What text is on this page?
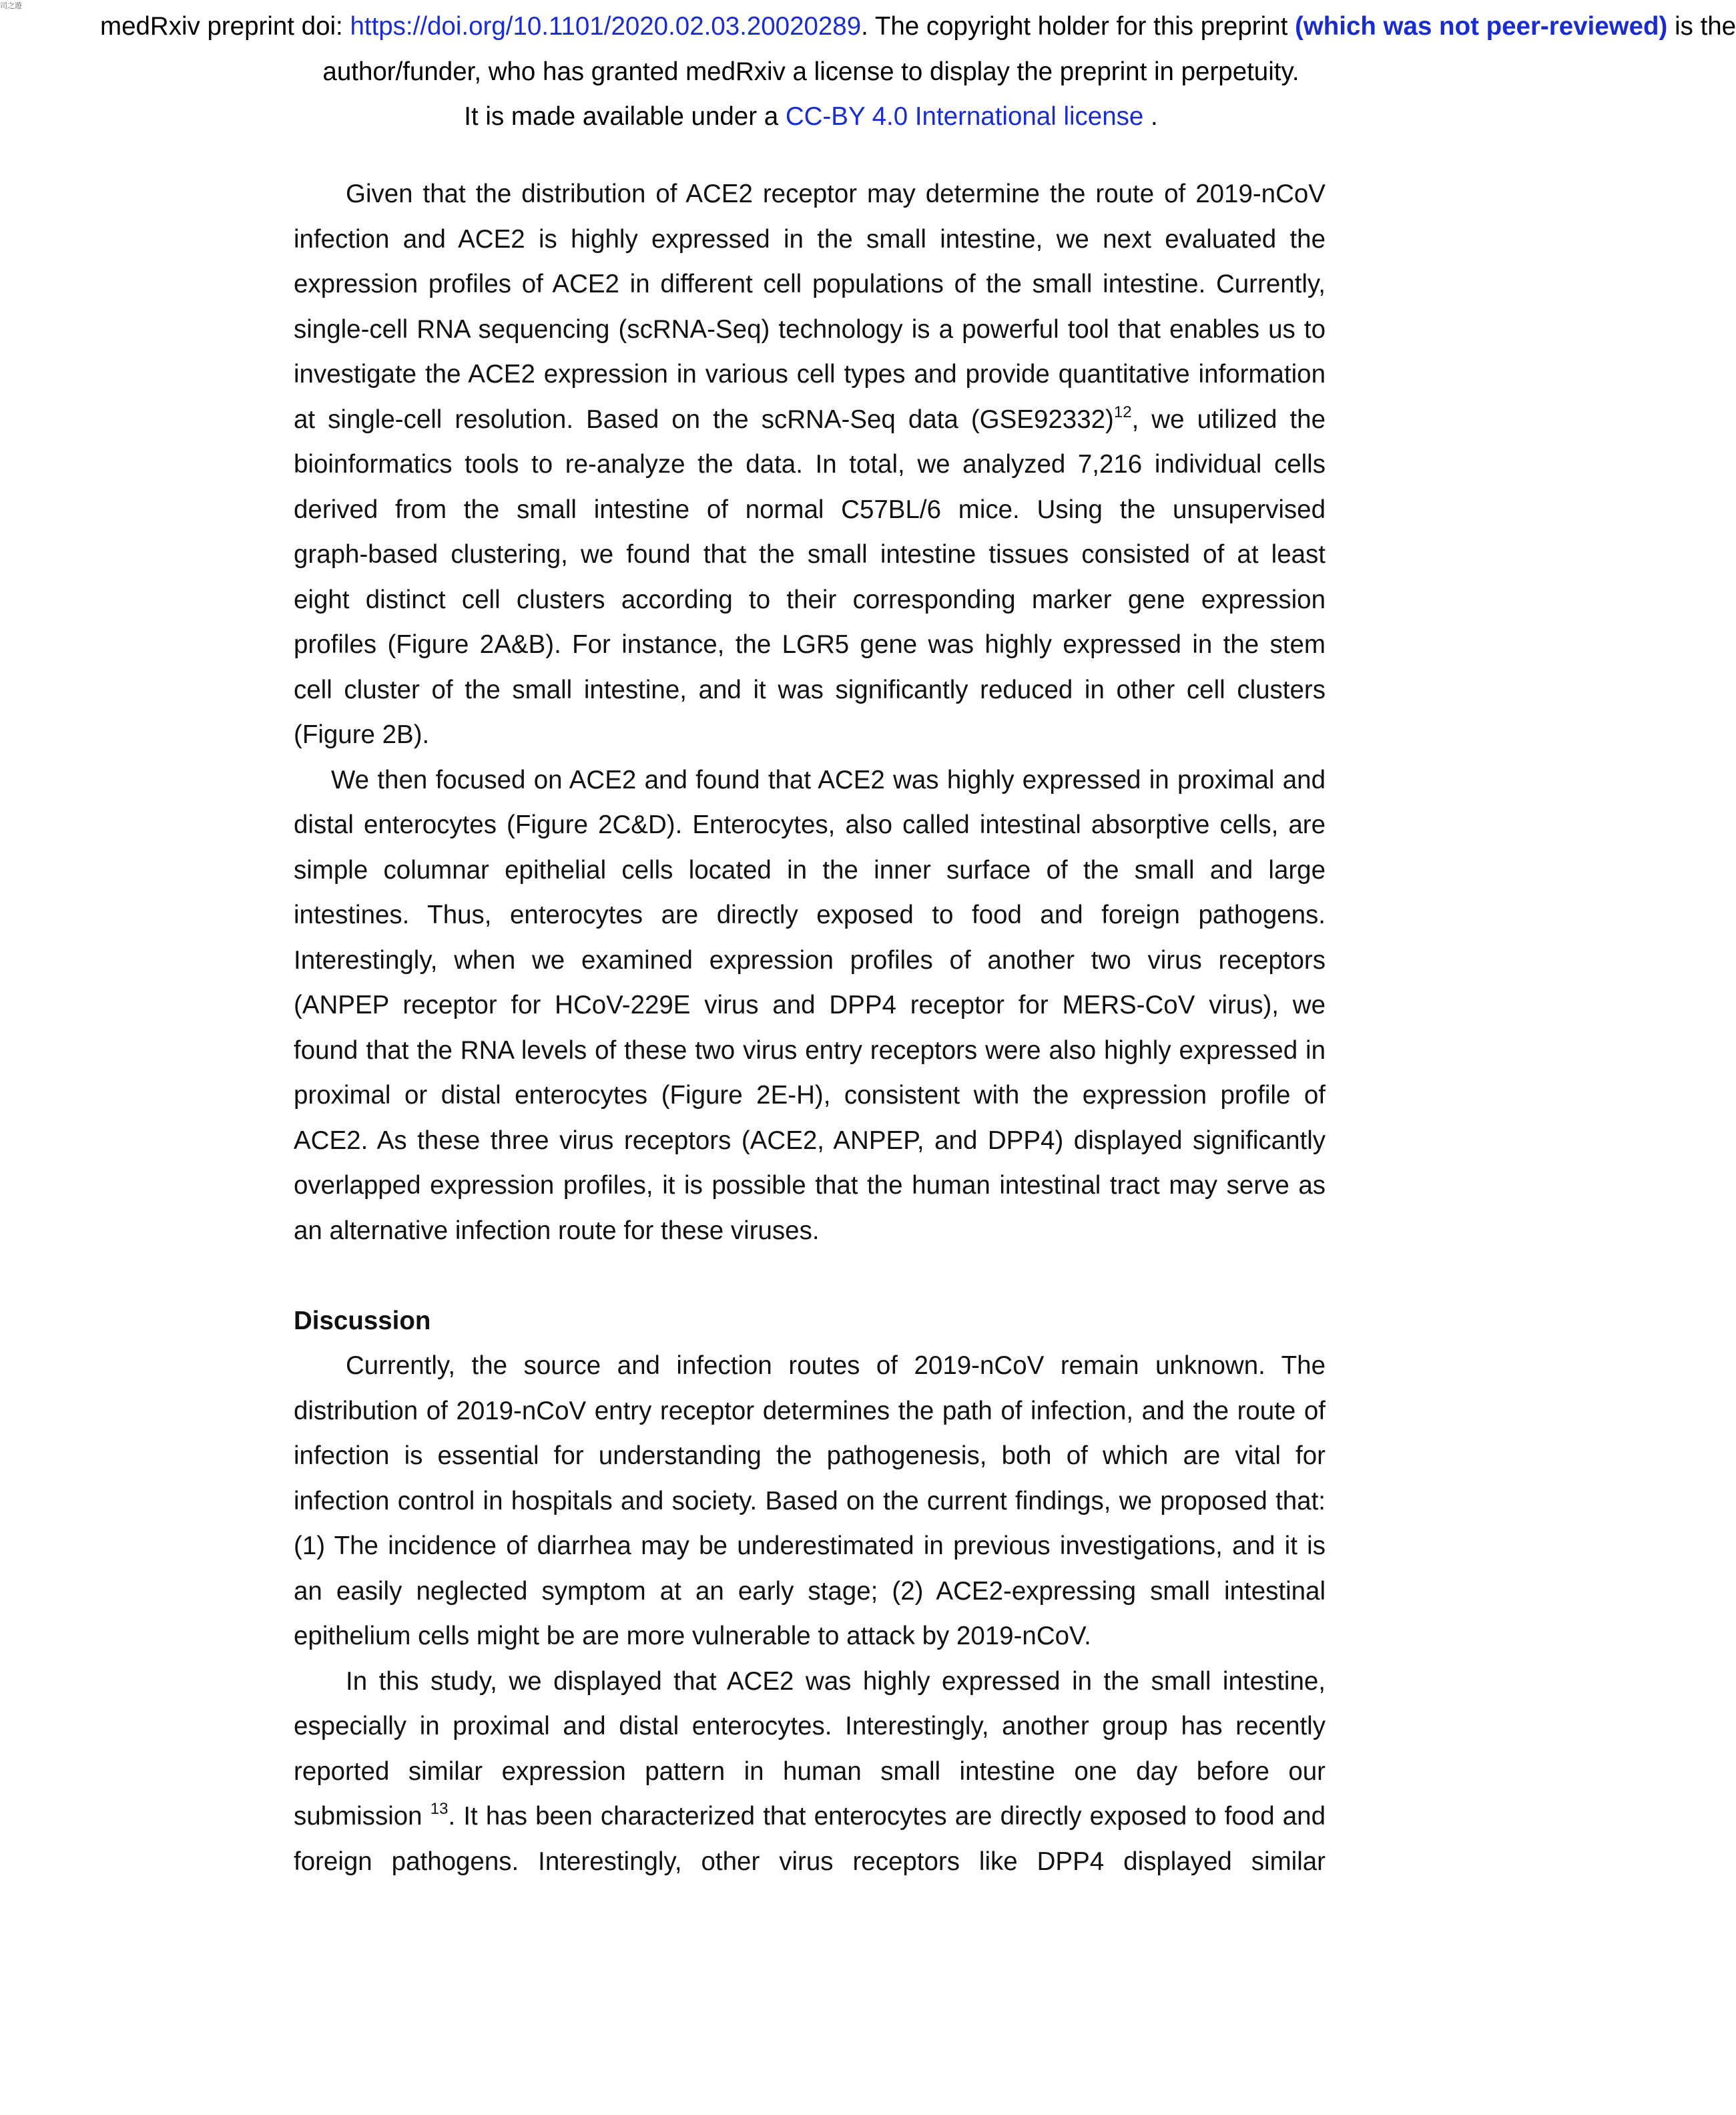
司之遊
medRxiv preprint doi: https://doi.org/10.1101/2020.02.03.20020289. The copyright holder for this preprint (which was not peer-reviewed) is the
author/funder, who has granted medRxiv a license to display the preprint in perpetuity.
It is made available under a CC-BY 4.0 International license .
Given that the distribution of ACE2 receptor may determine the route of 2019-nCoV
infection and ACE2 is highly expressed in the small intestine, we next evaluated the
expression profiles of ACE2 in different cell populations of the small intestine. Currently,
single-cell RNA sequencing (scRNA-Seq) technology is a powerful tool that enables us to
investigate the ACE2 expression in various cell types and provide quantitative information
at single-cell resolution. Based on the scRNA-Seq data $(GSE92332)^{12}$, we utilized the
bioinformatics tools to re-analyze the data. In total, we analyzed 7,216 individual cells
derived from the small intestine of normal C57BL/6 mice. Using the unsupervised
graph-based clustering, we found that the small intestine tissues consisted of at least
eight distinct cell clusters according to their corresponding marker gene expression
profiles (Figure 2A&B). For instance, the LGR5 gene was highly expressed in the stem
cell cluster of the small intestine, and it was significantly reduced in other cell clusters
(Figure 2B).
We then focused on ACE2 and found that ACE2 was highly expressed in proximal and
distal enterocytes (Figure 2C&D). Enterocytes, also called intestinal absorptive cells, are
simple columnar epithelial cells located in the inner surface of the small and large
intestines. Thus, enterocytes are directly exposed to food and foreign pathogens.
Interestingly, when we examined expression profiles of another two virus receptors
(ANPEP receptor for HCoV-229E virus and DPP4 receptor for MERS-CoV virus), we
found that the RNA levels of these two virus entry receptors were also highly expressed in
proximal or distal enterocytes (Figure 2E-H), consistent with the expression profile of
ACE2. As these three virus receptors (ACE2, ANPEP, and DPP4) displayed significantly
overlapped expression profiles, it is possible that the human intestinal tract may serve as
an alternative infection route for these viruses.
Discussion
Currently, the source and infection routes of 2019-nCoV remain unknown. The
distribution of 2019-nCoV entry receptor determines the path of infection, and the route of
infection is essential for understanding the pathogenesis, both of which are vital for
infection control in hospitals and society. Based on the current findings, we proposed that:
(1) The incidence of diarrhea may be underestimated in previous investigations, and it is
an easily neglected symptom at an early stage; (2) ACE2-expressing small intestinal
epithelium cells might be are more vulnerable to attack by 2019-nCoV.
In this study, we displayed that ACE2 was highly expressed in the small intestine,
especially in proximal and distal enterocytes. Interestingly, another group has recently
reported similar expression pattern in human small intestine one day before our
submission $^{13}$. It has been characterized that enterocytes are directly exposed to food and
foreign pathogens. Interestingly, other virus receptors like DPP4 displayed similar
